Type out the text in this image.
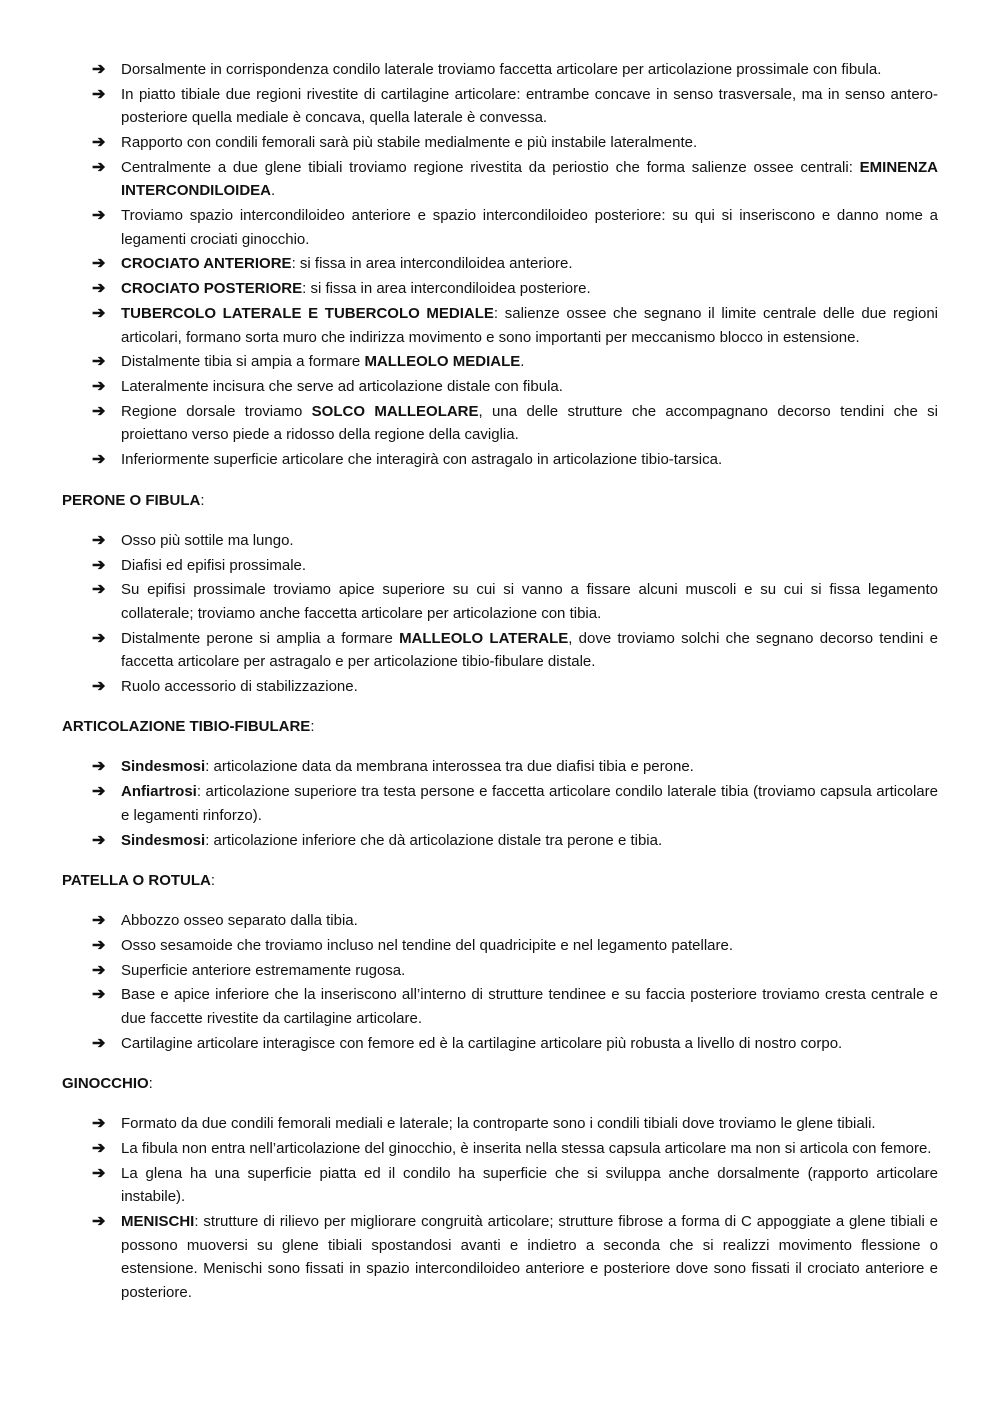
➔ Dorsalmente in corrispondenza condilo laterale troviamo faccetta articolare per articolazione prossimale con fibula.
➔ In piatto tibiale due regioni rivestite di cartilagine articolare: entrambe concave in senso trasversale, ma in senso antero-posteriore quella mediale è concava, quella laterale è convessa.
➔ Rapporto con condili femorali sarà più stabile medialmente e più instabile lateralmente.
➔ Centralmente a due glene tibiali troviamo regione rivestita da periostio che forma salienze ossee centrali: EMINENZA INTERCONDILOIDEA.
➔ Troviamo spazio intercondiloideo anteriore e spazio intercondiloideo posteriore: su qui si inseriscono e danno nome a legamenti crociati ginocchio.
➔ CROCIATO ANTERIORE: si fissa in area intercondiloidea anteriore.
➔ CROCIATO POSTERIORE: si fissa in area intercondiloidea posteriore.
➔ TUBERCOLO LATERALE E TUBERCOLO MEDIALE: salienze ossee che segnano il limite centrale delle due regioni articolari, formano sorta muro che indirizza movimento e sono importanti per meccanismo blocco in estensione.
➔ Distalmente tibia si ampia a formare MALLEOLO MEDIALE.
➔ Lateralmente incisura che serve ad articolazione distale con fibula.
➔ Regione dorsale troviamo SOLCO MALLEOLARE, una delle strutture che accompagnano decorso tendini che si proiettano verso piede a ridosso della regione della caviglia.
➔ Inferiormente superficie articolare che interagirà con astragalo in articolazione tibio-tarsica.
PERONE O FIBULA:
➔ Osso più sottile ma lungo.
➔ Diafisi ed epifisi prossimale.
➔ Su epifisi prossimale troviamo apice superiore su cui si vanno a fissare alcuni muscoli e su cui si fissa legamento collaterale; troviamo anche faccetta articolare per articolazione con tibia.
➔ Distalmente perone si amplia a formare MALLEOLO LATERALE, dove troviamo solchi che segnano decorso tendini e faccetta articolare per astragalo e per articolazione tibio-fibulare distale.
➔ Ruolo accessorio di stabilizzazione.
ARTICOLAZIONE TIBIO-FIBULARE:
➔ Sindesmosi: articolazione data da membrana interossea tra due diafisi tibia e perone.
➔ Anfiartrosi: articolazione superiore tra testa persone e faccetta articolare condilo laterale tibia (troviamo capsula articolare e legamenti rinforzo).
➔ Sindesmosi: articolazione inferiore che dà articolazione distale tra perone e tibia.
PATELLA O ROTULA:
➔ Abbozzo osseo separato dalla tibia.
➔ Osso sesamoide che troviamo incluso nel tendine del quadricipite e nel legamento patellare.
➔ Superficie anteriore estremamente rugosa.
➔ Base e apice inferiore che la inseriscono all’interno di strutture tendinee e su faccia posteriore troviamo cresta centrale e due faccette rivestite da cartilagine articolare.
➔ Cartilagine articolare interagisce con femore ed è la cartilagine articolare più robusta a livello di nostro corpo.
GINOCCHIO:
➔ Formato da due condili femorali mediali e laterale; la controparte sono i condili tibiali dove troviamo le glene tibiali.
➔ La fibula non entra nell’articolazione del ginocchio, è inserita nella stessa capsula articolare ma non si articola con femore.
➔ La glena ha una superficie piatta ed il condilo ha superficie che si sviluppa anche dorsalmente (rapporto articolare instabile).
➔ MENISCHI: strutture di rilievo per migliorare congruità articolare; strutture fibrose a forma di C appoggiate a glene tibiali e possono muoversi su glene tibiali spostandosi avanti e indietro a seconda che si realizzi movimento flessione o estensione. Menischi sono fissati in spazio intercondiloideo anteriore e posteriore dove sono fissati il crociato anteriore e posteriore.
